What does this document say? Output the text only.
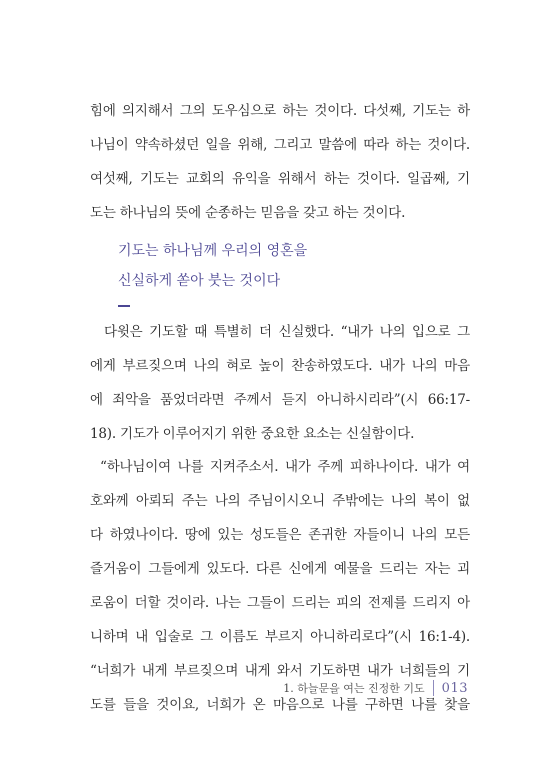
힘에 의지해서 그의 도우심으로 하는 것이다. 다섯째, 기도는 하
나님이 약속하셨던 일을 위해, 그리고 말씀에 따라 하는 것이다.
여섯째, 기도는 교회의 유익을 위해서 하는 것이다. 일곱째, 기
도는 하나님의 뜻에 순종하는 믿음을 갖고 하는 것이다.
기도는 하나님께 우리의 영혼을
신실하게 쏟아 붓는 것이다
다윗은 기도할 때 특별히 더 신실했다. “내가 나의 입으로 그
에게 부르짖으며 나의 혀로 높이 찬송하였도다. 내가 나의 마음
에 죄악을 품었더라면 주께서 듣지 아니하시리라”(시 66:17-
18). 기도가 이루어지기 위한 중요한 요소는 신실함이다.
“하나님이여 나를 지켜주소서. 내가 주께 피하나이다. 내가 여
호와께 아뢰되 주는 나의 주님이시오니 주밖에는 나의 복이 없
다 하였나이다. 땅에 있는 성도들은 존귀한 자들이니 나의 모든
즐거움이 그들에게 있도다. 다른 신에게 예물을 드리는 자는 괴
로움이 더할 것이라. 나는 그들이 드리는 피의 전제를 드리지 아
니하며 내 입술로 그 이름도 부르지 아니하리로다”(시 16:1-4).
“너희가 내게 부르짖으며 내게 와서 기도하면 내가 너희들의 기
도를 들을 것이요, 너희가 온 마음으로 나를 구하면 나를 찾을
1. 하늘문을 여는 진정한 기도 013
